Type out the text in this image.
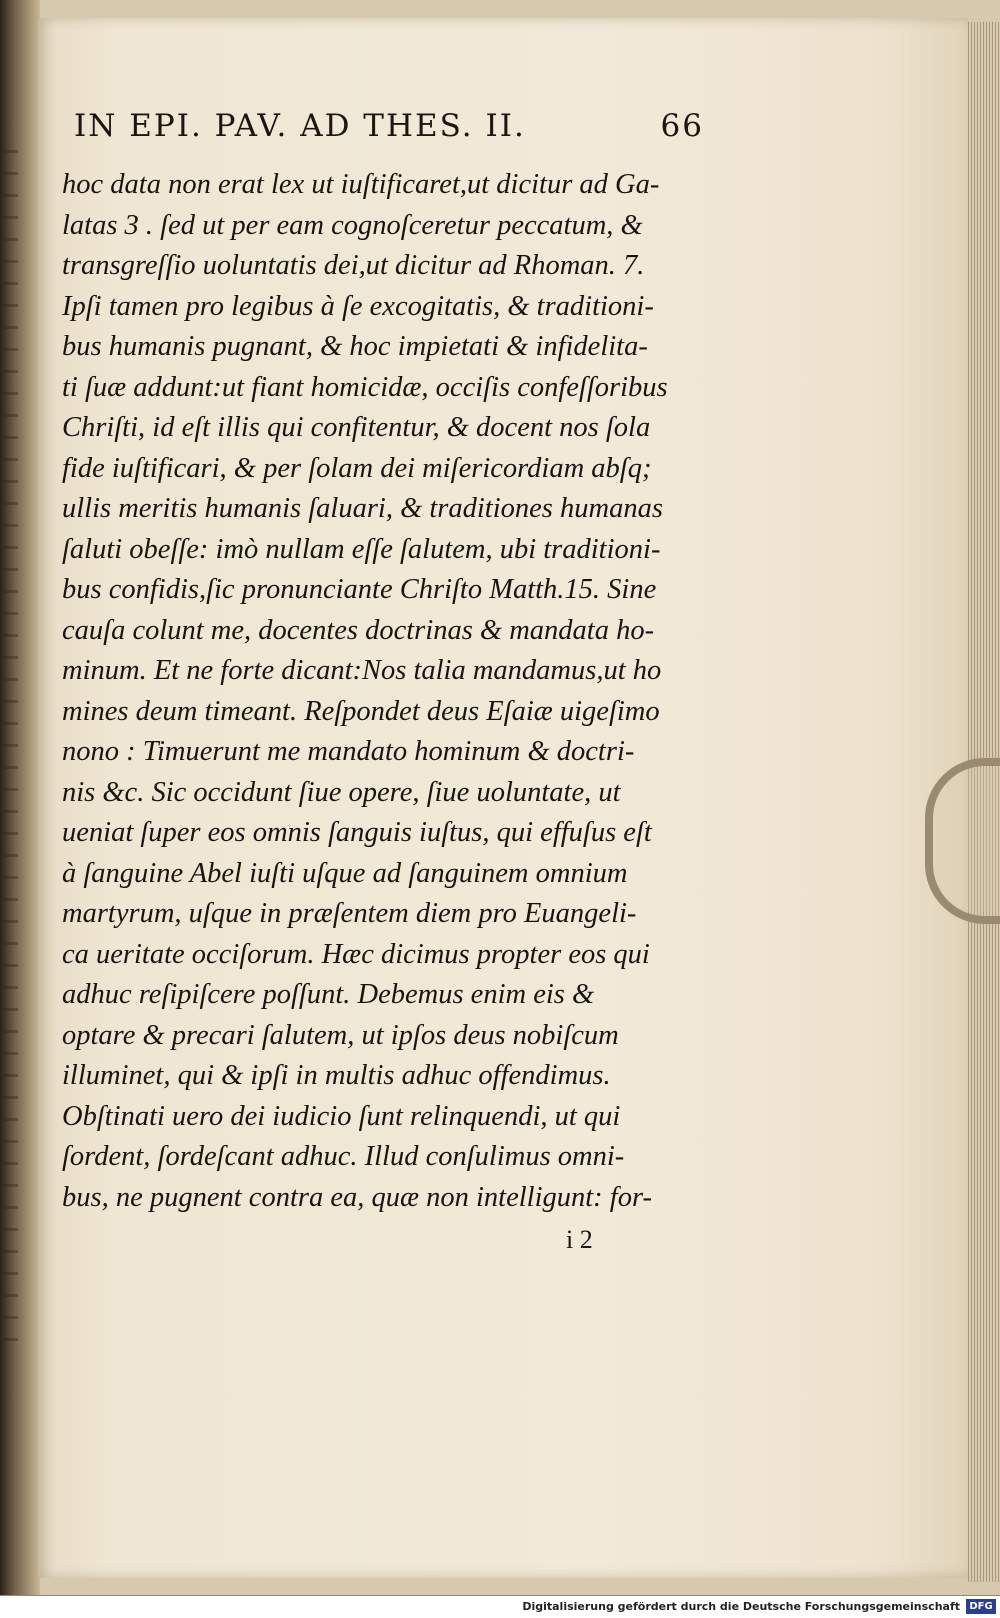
IN EPI. PAV. AD THES. II.	66
hoc data non erat lex ut iuſtificaret,ut dicitur ad Ga-
latas 3 . ſed ut per eam cognoſceretur peccatum, &
transgreſſio uoluntatis dei,ut dicitur ad Rhoman. 7.
Ipſi tamen pro legibus à ſe excogitatis, & traditioni-
bus humanis pugnant, & hoc impietati & infidelita-
ti ſuæ addunt:ut fiant homicidæ, occiſis confeſſoribus
Chriſti, id eſt illis qui confitentur, & docent nos ſola
fide iuſtificari, & per ſolam dei miſericordiam abſq;
ullis meritis humanis ſaluari, & traditiones humanas
ſaluti obeſſe: imò nullam eſſe ſalutem, ubi traditioni-
bus confidis,ſic pronunciante Chriſto Matth.15. Sine
cauſa colunt me, docentes doctrinas & mandata ho-
minum. Et ne forte dicant:Nos talia mandamus,ut ho
mines deum timeant. Reſpondet deus Eſaiæ uigeſimo
nono : Timuerunt me mandato hominum & doctri-
nis &c. Sic occidunt ſiue opere, ſiue uoluntate, ut
ueniat ſuper eos omnis ſanguis iuſtus, qui effuſus eſt
à ſanguine Abel iuſti uſque ad ſanguinem omnium
martyrum, uſque in præſentem diem pro Euangeli-
ca ueritate occiſorum. Hæc dicimus propter eos qui
adhuc reſipiſcere poſſunt. Debemus enim eis &
optare & precari ſalutem, ut ipſos deus nobiſcum
illuminet, qui & ipſi in multis adhuc offendimus.
Obſtinati uero dei iudicio ſunt relinquendi, ut qui
ſordent, ſordeſcant adhuc. Illud conſulimus omni-
bus, ne pugnent contra ea, quæ non intelligunt: for-
i 2
Digitalisierung gefördert durch die Deutsche Forschungsgemeinschaft DFG
